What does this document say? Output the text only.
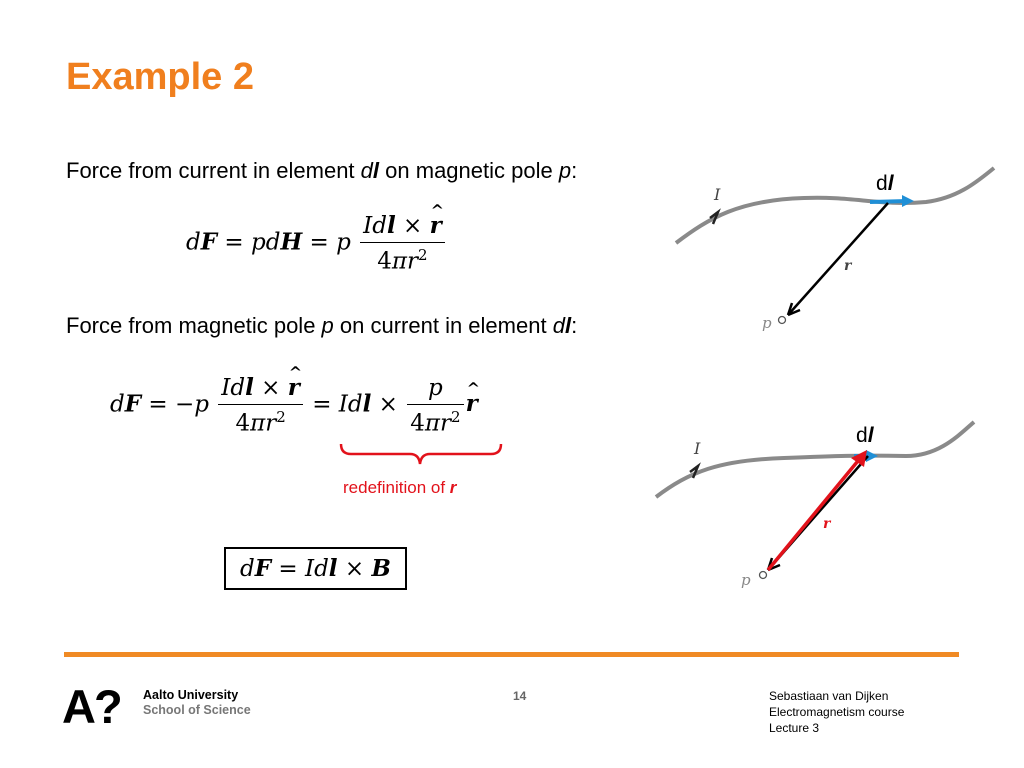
Example 2
Force from current in element dl on magnetic pole p:
dF = pdH = p $\frac{\text{Idl × \textasciicircum{} r}}{4\pi r^2}$
Force from magnetic pole p on current in element dl:
dF = $-p \frac{\text{Idl × \textasciicircum{} r}}{4\pi r^2}$ = Idl × $\frac{p}{4\pi r^2}$
^ r
redefinition of r
dF = Idl × B
I
r
p
dl
I
r
p
dl
A? Aalto University
School of Science
14	Sebastiaan van Dijken
Electromagnetism course
Lecture 3
